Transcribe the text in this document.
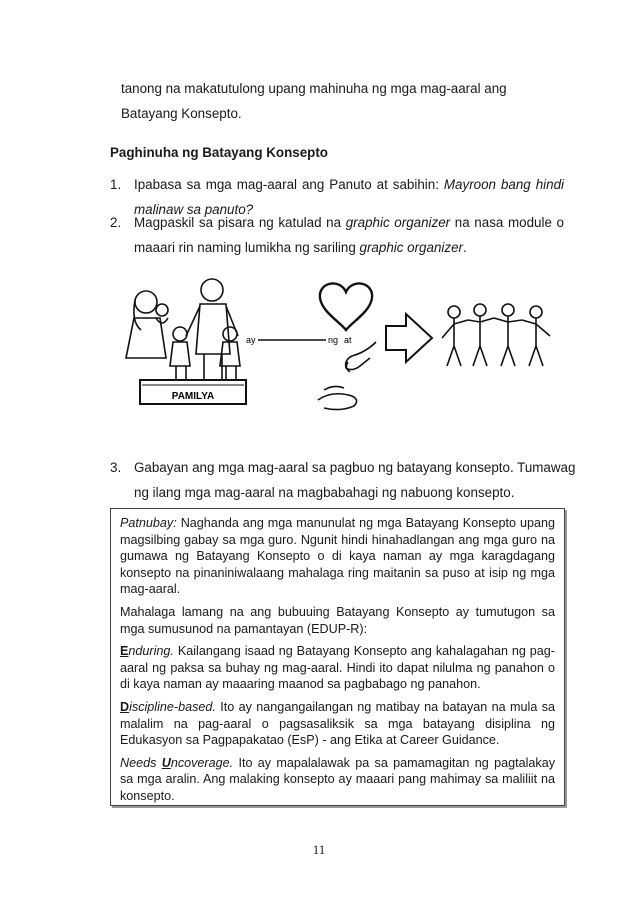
tanong na makatutulong upang mahinuha ng mga mag-aaral ang
Batayang Konsepto.
Paghinuha ng Batayang Konsepto
1. Ipabasa sa mga mag-aaral ang Panuto at sabihin: Mayroon bang hindi
malinaw sa panuto?
2. Magpaskil sa pisara ng katulad na graphic organizer na nasa module o
maaari rin naming lumikha ng sariling graphic organizer.
PAMILYA
ay	ng at
3. Gabayan ang mga mag-aaral sa pagbuo ng batayang konsepto. Tumawag
ng ilang mga mag-aaral na magbabahagi ng nabuong konsepto.

Patnubay: Naghanda ang mga manunulat ng mga Batayang Konsepto upang magsilbing gabay sa mga guro. Ngunit hindi hinahadlangan ang mga guro na gumawa ng Batayang Konsepto o di kaya naman ay mga karagdagang konsepto na pinaniniwalaang mahalaga ring maitanin sa puso at isip ng mga mag-aaral.

Mahalaga lamang na ang bubuuing Batayang Konsepto ay tumutugon sa mga sumusunod na pamantayan (EDUP-R):

Enduring. Kailangang isaad ng Batayang Konsepto ang kahalagahan ng pag-aaral ng paksa sa buhay ng mag-aaral. Hindi ito dapat nilulma ng panahon o di kaya naman ay maaaring maanod sa pagbabago ng panahon.

Discipline-based. Ito ay nangangailangan ng matibay na batayan na mula sa malalim na pag-aaral o pagsasaliksik sa mga batayang disiplina ng Edukasyon sa Pagpapakatao (EsP) - ang Etika at Career Guidance.

Needs Uncoverage. Ito ay mapalalawak pa sa pamamagitan ng pagtalakay sa mga aralin. Ang malaking konsepto ay maaari pang mahimay sa maliliit na konsepto.

11
